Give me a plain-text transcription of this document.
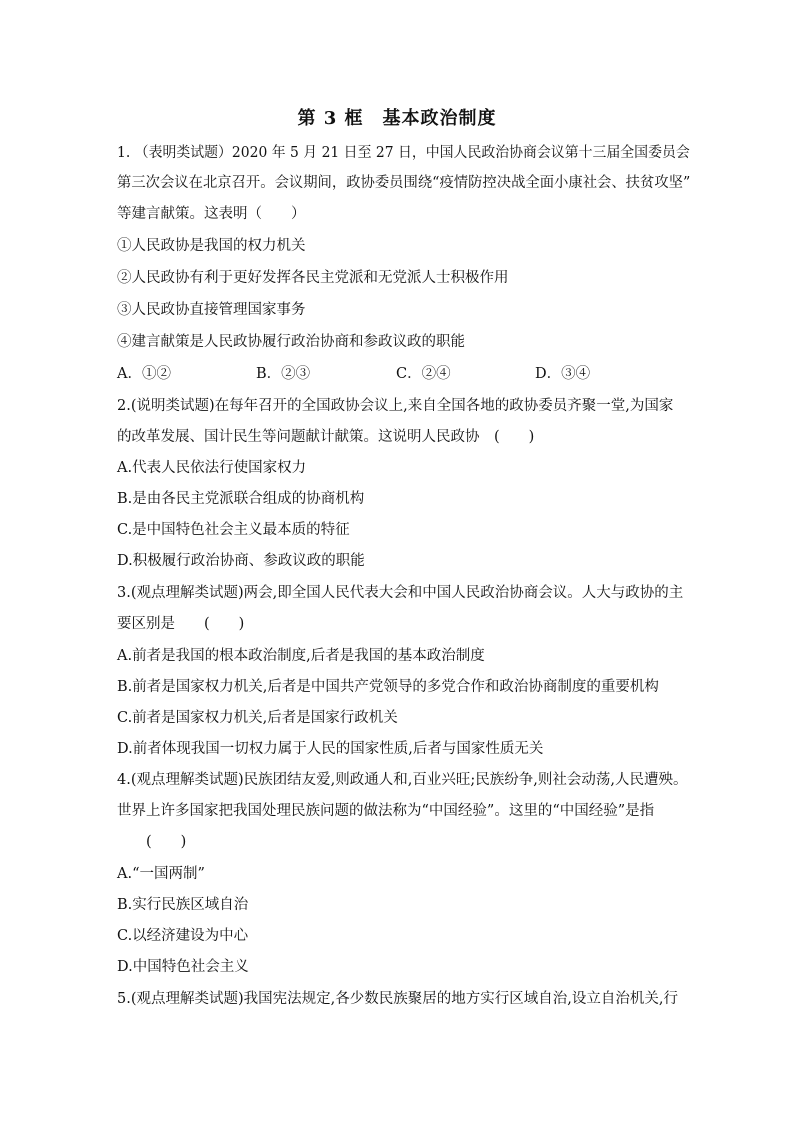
第 3 框　基本政治制度
1. （表明类试题）2020 年 5 月 21 日至 27 日，中国人民政治协商会议第十三届全国委员会
第三次会议在北京召开。会议期间，政协委员围绕“疫情防控决战全面小康社会、扶贫攻坚”
等建言献策。这表明（　　）
①人民政协是我国的权力机关
②人民政协有利于更好发挥各民主党派和无党派人士积极作用
③人民政协直接管理国家事务
④建言献策是人民政协履行政治协商和参政议政的职能
A．①②	B．②③	C．②④	D．③④
2.(说明类试题)在每年召开的全国政协会议上,来自全国各地的政协委员齐聚一堂,为国家
的改革发展、国计民生等问题献计献策。这说明人民政协　(　　)
A.代表人民依法行使国家权力
B.是由各民主党派联合组成的协商机构
C.是中国特色社会主义最本质的特征
D.积极履行政治协商、参政议政的职能
3.(观点理解类试题)两会,即全国人民代表大会和中国人民政治协商会议。人大与政协的主
要区别是　　(　　)
A.前者是我国的根本政治制度,后者是我国的基本政治制度
B.前者是国家权力机关,后者是中国共产党领导的多党合作和政治协商制度的重要机构
C.前者是国家权力机关,后者是国家行政机关
D.前者体现我国一切权力属于人民的国家性质,后者与国家性质无关
4.(观点理解类试题)民族团结友爱,则政通人和,百业兴旺;民族纷争,则社会动荡,人民遭殃。
世界上许多国家把我国处理民族问题的做法称为“中国经验”。这里的“中国经验”是指
(　　)
A.“一国两制”
B.实行民族区域自治
C.以经济建设为中心
D.中国特色社会主义
5.(观点理解类试题)我国宪法规定,各少数民族聚居的地方实行区域自治,设立自治机关,行
